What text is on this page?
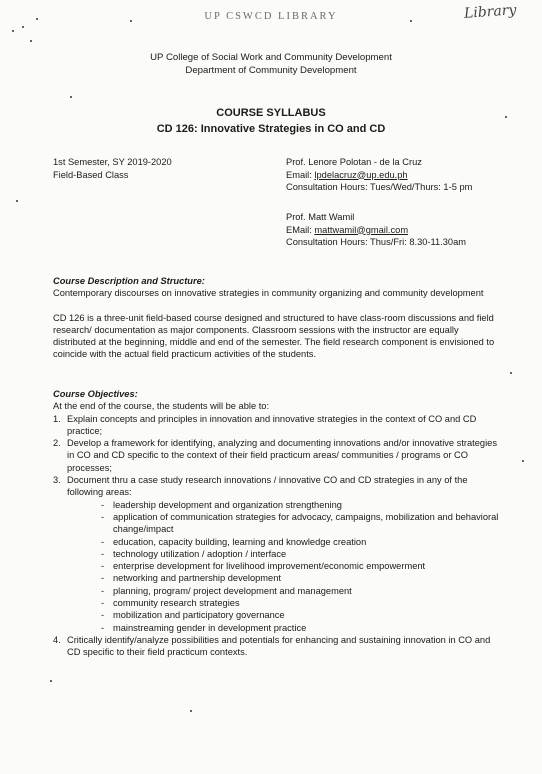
UP CSWCD LIBRARY	Library
UP College of Social Work and Community Development
Department of Community Development
COURSE SYLLABUS
CD 126: Innovative Strategies in CO and CD
1st Semester, SY 2019-2020
Field-Based Class
Prof. Lenore Polotan - de la Cruz
Email: lpdelacruz@up.edu.ph
Consultation Hours: Tues/Wed/Thurs: 1-5 pm
Prof. Matt Wamil
EMail: mattwamil@gmail.com
Consultation Hours: Thus/Fri: 8.30-11.30am

Course Description and Structure:

Contemporary discourses on innovative strategies in community organizing and community development

CD 126 is a three-unit field-based course designed and structured to have class-room discussions and field research/ documentation as major components. Classroom sessions with the instructor are equally distributed at the beginning, middle and end of the semester. The field research component is envisioned to coincide with the actual field practicum activities of the students.

Course Objectives:

At the end of the course, the students will be able to:

1. Explain concepts and principles in innovation and innovative strategies in the context of CO and CD practice;
2. Develop a framework for identifying, analyzing and documenting innovations and/or innovative strategies in CO and CD specific to the context of their field practicum areas/ communities / programs or CO processes;
3. Document thru a case study research innovations / innovative CO and CD strategies in any of the following areas:
- leadership development and organization strengthening
- application of communication strategies for advocacy, campaigns, mobilization and behavioral change/impact
- education, capacity building, learning and knowledge creation
- technology utilization / adoption / interface
- enterprise development for livelihood improvement/economic empowerment
- networking and partnership development
- planning, program/ project development and management
- community research strategies
- mobilization and participatory governance
- mainstreaming gender in development practice
4. Critically identify/analyze possibilities and potentials for enhancing and sustaining innovation in CO and CD specific to their field practicum contexts.
